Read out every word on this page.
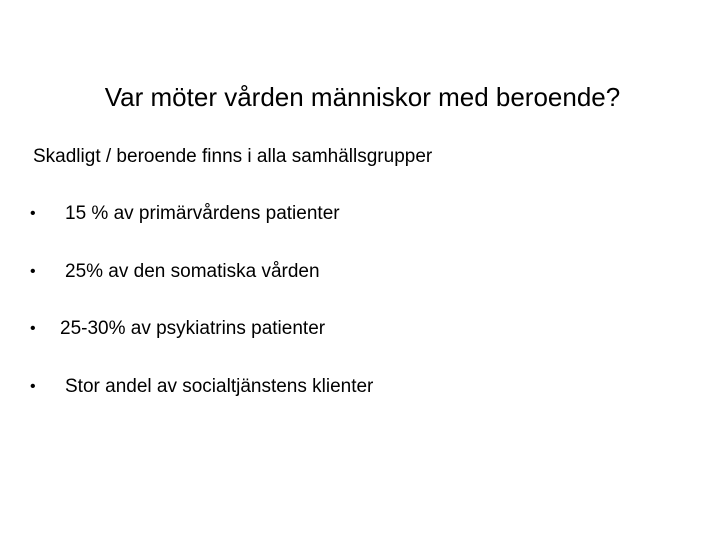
Var möter vården människor med beroende?
Skadligt / beroende finns i alla samhällsgrupper
• 15 % av primärvårdens patienter
• 25% av den somatiska vården
• 25-30% av psykiatrins patienter
• Stor andel av socialtjänstens klienter
